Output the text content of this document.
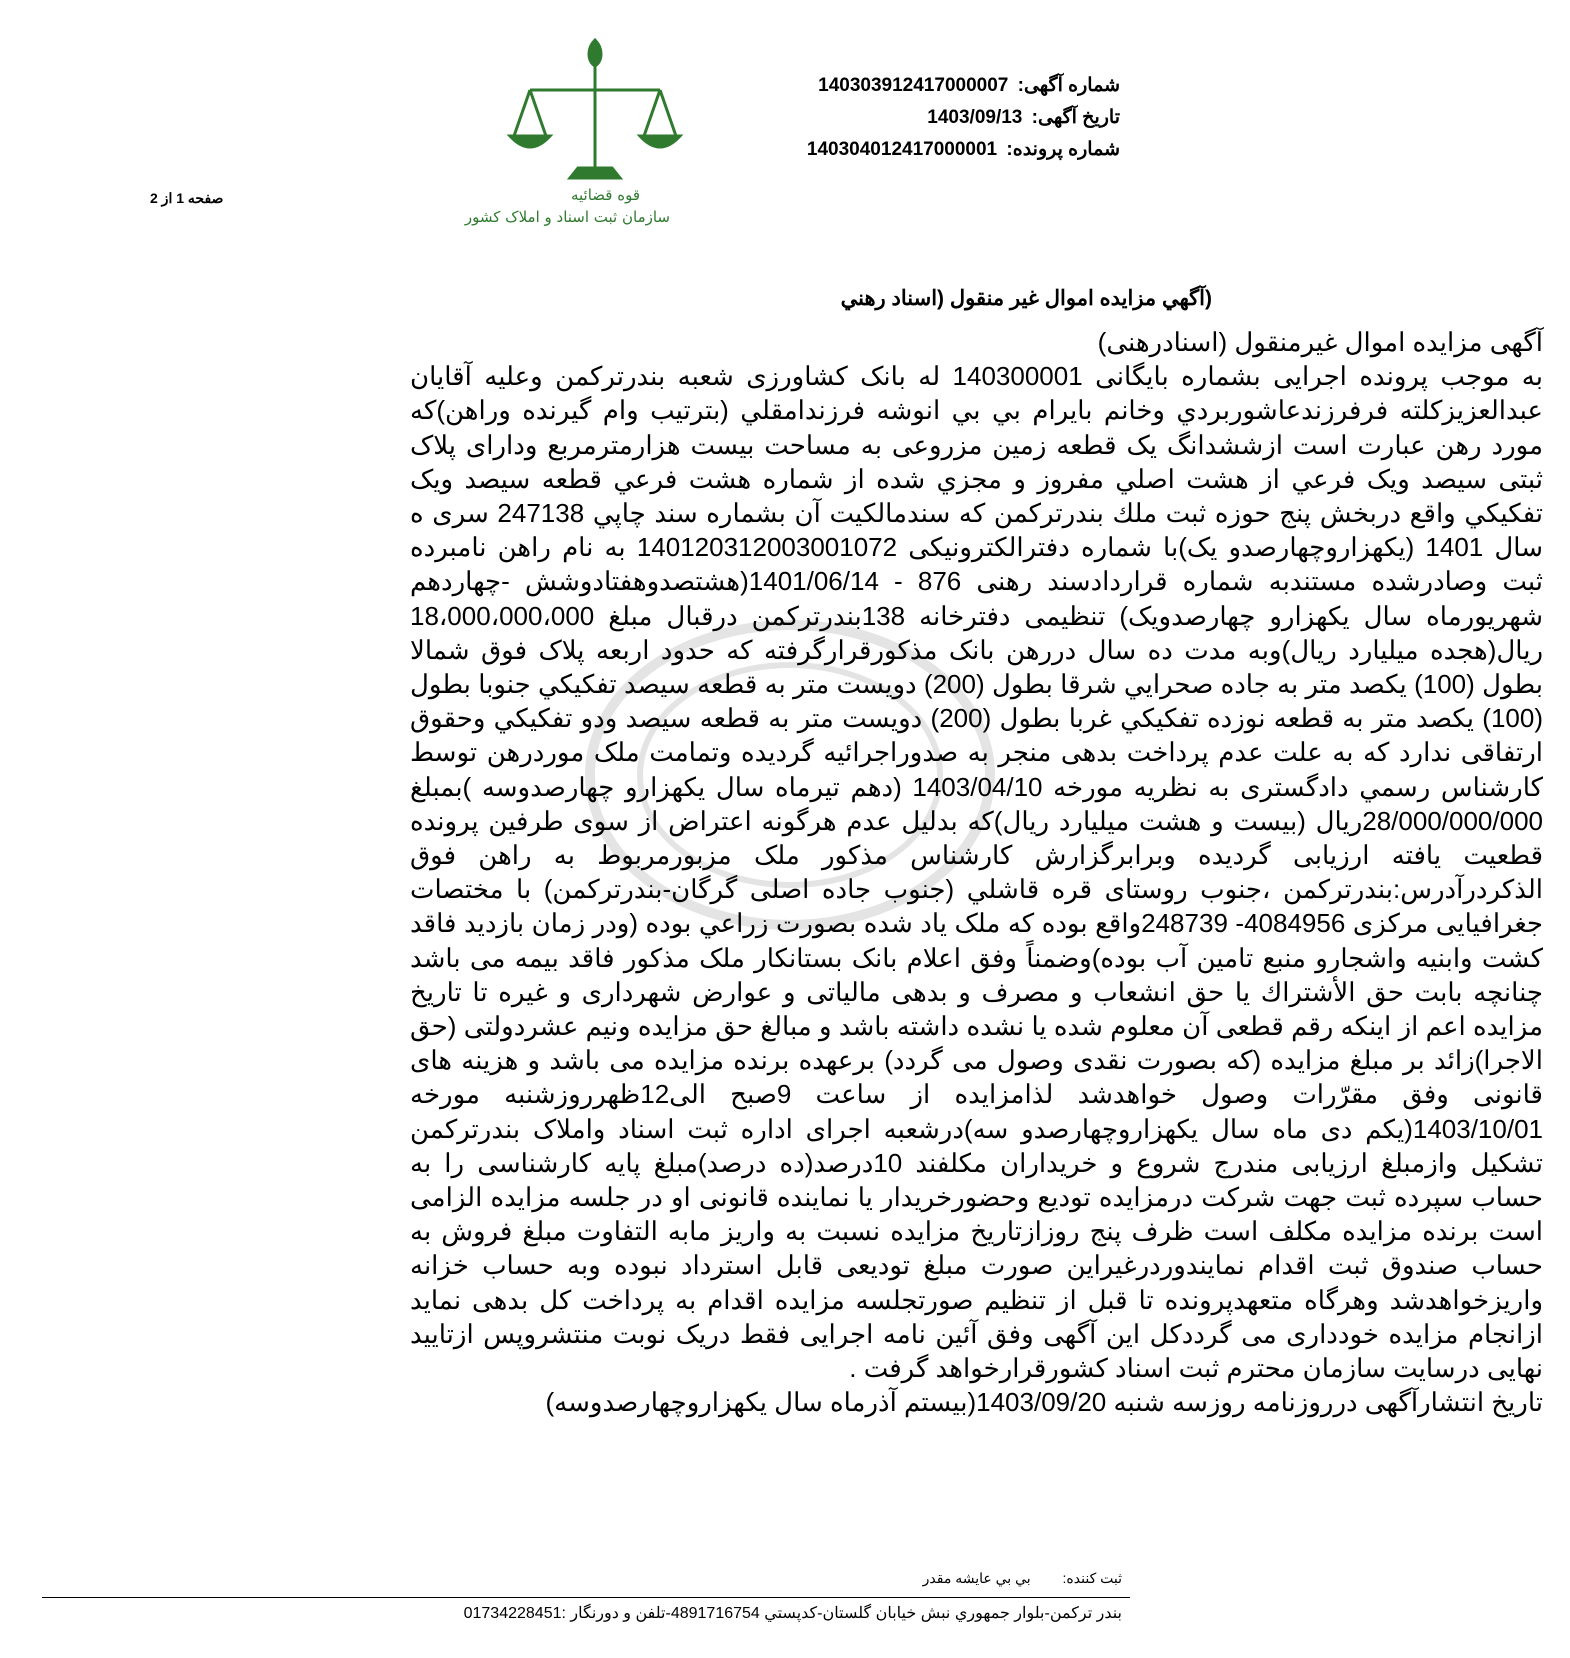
شماره آگهی: 140303912417000007
تاریخ آگهی: 1403/09/13
شماره پرونده: 140304012417000001
قوه قضائیه
سازمان ثبت اسناد و املاک کشور
صفحه 1 از 2
(آگهي مزايده اموال غير منقول (اسناد رهني

آگهی مزایده اموال غیرمنقول (اسنادرهنی)

به موجب پرونده اجرایی بشماره بایگانی 140300001 له بانک کشاورزی شعبه بندرترکمن وعلیه آقایان عبدالعزیزکلته فرفرزندعاشوربردي وخانم بایرام بي بي انوشه فرزندامقلي (بترتیب وام گیرنده وراهن)که مورد رهن عبارت است ازششدانگ یک قطعه زمین مزروعی به مساحت بیست هزارمترمربع ودارای پلاک ثبتی سیصد ویک فرعي از هشت اصلي مفروز و مجزي شده از شماره هشت فرعي قطعه سیصد ویک تفکیکي واقع دربخش پنج حوزه ثبت ملك بندرترکمن که سندمالکیت آن بشماره سند چاپي 247138 سری ه سال 1401 (یکهزاروچهارصدو یک)با شماره دفترالکترونیکی 140120312003001072 به نام راهن نامبرده ثبت وصادرشده مستندبه شماره قراردادسند رهنی 876 - 1401/06/14(هشتصدوهفتادوشش -چهاردهم شهریورماه سال یکهزارو چهارصدویک) تنظیمی دفترخانه 138بندرترکمن درقبال مبلغ 18،000،000،000 ریال(هجده میلیارد ریال)وبه مدت ده سال دررهن بانک مذکورقرارگرفته که حدود اربعه پلاک فوق شمالا بطول (100) یکصد متر به جاده صحرایي شرقا بطول (200) دویست متر به قطعه سیصد تفکیکي جنوبا بطول (100) یکصد متر به قطعه نوزده تفکیکي غربا بطول (200) دویست متر به قطعه سیصد ودو تفکیکي وحقوق ارتفاقی ندارد كه به علت عدم پرداخت بدهی منجر به صدوراجرائیه گردیده وتمامت ملک موردرهن توسط کارشناس رسمي دادگستری به نظریه مورخه 1403/04/10 (دهم تیرماه سال یکهزارو چهارصدوسه )بمبلغ 28/000/000/000ریال (بیست و هشت میلیارد ریال)که بدلیل عدم هرگونه اعتراض از سوی طرفین پرونده قطعیت یافته ارزیابی گردیده وبرابرگزارش کارشناس مذکور ملک مزبورمربوط به راهن فوق الذکردرآدرس:بندرترکمن ،جنوب روستای قره قاشلي (جنوب جاده اصلی گرگان-بندرترکمن) با مختصات جغرافیایی مرکزی 4084956- 248739واقع بوده که ملک یاد شده بصورت زراعي بوده (ودر زمان بازدید فاقد کشت وابنیه واشجارو منبع تامین آب بوده)وضمناً وفق اعلام بانک بستانکار ملک مذکور فاقد بیمه می باشد چنانچه بابت حق الأشتراك یا حق انشعاب و مصرف و بدهی مالیاتی و عوارض شهرداری و غیره تا تاریخ مزایده اعم از اینکه رقم قطعی آن معلوم شده یا نشده داشته باشد و مبالغ حق مزایده ونیم عشردولتی (حق الاجرا)زائد بر مبلغ مزایده (که بصورت نقدی وصول می گردد) برعهده برنده مزایده می باشد و هزینه های قانونی وفق مقرّرات وصول خواهدشد لذامزایده از ساعت 9صبح الی12ظهرروزشنبه مورخه 1403/10/01(یکم دی ماه سال یکهزاروچهارصدو سه)درشعبه اجرای اداره ثبت اسناد واملاک بندرترکمن تشکیل وازمبلغ ارزیابی مندرج شروع و خریداران مکلفند 10درصد(ده درصد)مبلغ پایه کارشناسی را به حساب سپرده ثبت جهت شرکت درمزایده تودیع وحضورخریدار یا نماینده قانونی او در جلسه مزایده الزامی است برنده مزایده مکلف است ظرف پنج روزازتاریخ مزایده نسبت به واریز مابه التفاوت مبلغ فروش به حساب صندوق ثبت اقدام نمایندوردرغیراین صورت مبلغ تودیعی قابل استرداد نبوده وبه حساب خزانه واریزخواهدشد وهرگاه متعهدپرونده تا قبل از تنظیم صورتجلسه مزایده اقدام به پرداخت کل بدهی نماید ازانجام مزایده خودداری می گرددکل این آگهی وفق آئین نامه اجرایی فقط دریک نوبت منتشروپس ازتایید نهایی درسایت سازمان محترم ثبت اسناد کشورقرارخواهد گرفت .

تاریخ انتشارآگهی درروزنامه روزسه شنبه 1403/09/20(بیستم آذرماه سال یکهزاروچهارصدوسه)

ثبت کننده: بي بي عايشه مقدر
بندر ترکمن-بلوار جمهوري نبش خيابان گلستان-کدپستي 4891716754-تلفن و دورنگار :01734228451
